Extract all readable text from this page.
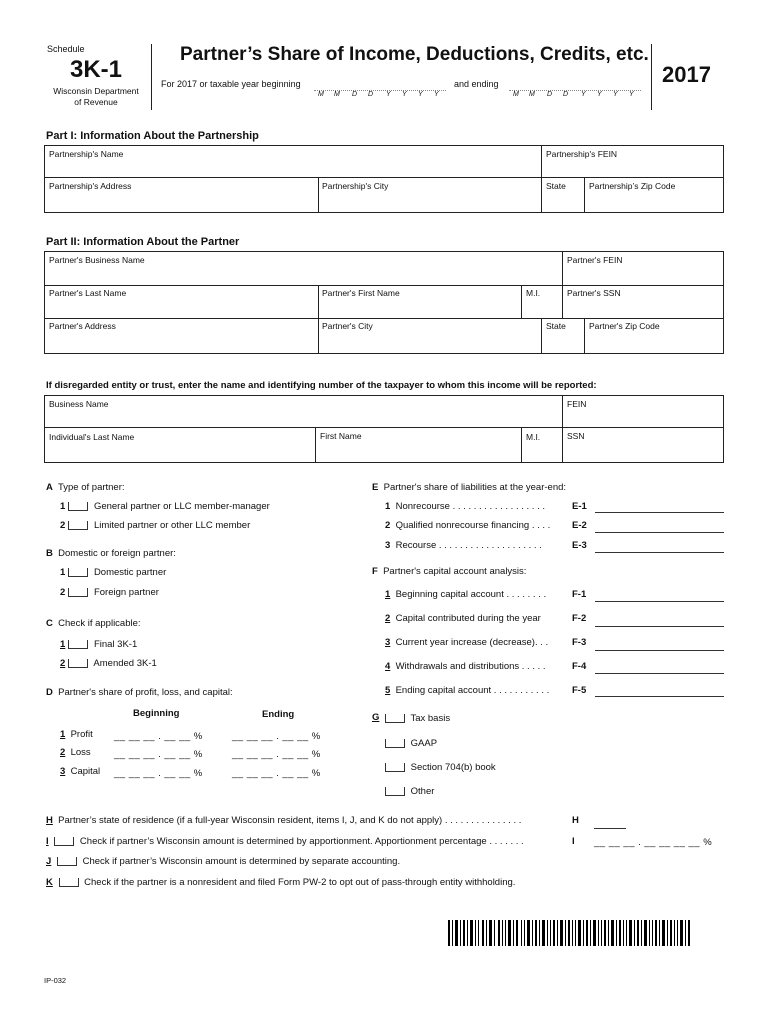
Schedule
3K-1
Wisconsin Department
of Revenue
Partner’s Share of Income, Deductions, Credits, etc.
For 2017 or taxable year beginning	and ending
M M D D Y Y Y Y	M M D D Y Y Y Y
2017
Part I: Information About the Partnership
Partnership's Name	Partnership's FEIN
Partnership's Address	Partnership's City	State	Partnership’s Zip Code
Part II: Information About the Partner
Partner's Business Name	Partner's FEIN
Partner's Last Name	Partner's First Name	M.I.	Partner's SSN
Partner's Address	Partner's City	State	Partner's Zip Code
If disregarded entity or trust, enter the name and identifying number of the taxpayer to whom this income will be reported:
Business Name	FEIN
Individual's Last Name	First Name	M.I.	SSN
A Type of partner:
1	General partner or LLC member-manager
2	Limited partner or other LLC member
B Domestic or foreign partner:
1	Domestic partner
2	Foreign partner
C Check if applicable:
1	Final 3K-1
2	Amended 3K-1
D Partner's share of profit, loss, and capital:
Beginning	Ending
1 Profit __ __ __ . __ __ %	__ __ __ . __ __ %
2 Loss __ __ __ . __ __ %	__ __ __ . __ __ %
3 Capital __ __ __ . __ __ %	__ __ __ . __ __ %
E Partner's share of liabilities at the year-end:
1 Nonrecourse . . . . . . . . . . . . . . . . . .	E-1
2 Qualified nonrecourse financing . . . . E-2
3 Recourse . . . . . . . . . . . . . . . . . . . .	E-3
F Partner's capital account analysis:
1 Beginning capital account . . . . . . . .	F-1
2 Capital contributed during the year	F-2
3 Current year increase (decrease). . .	F-3
4 Withdrawals and distributions . . . . .	F-4
5 Ending capital account . . . . . . . . . . . F-5
G	Tax basis
GAAP
Section 704(b) book
Other
H Partner’s state of residence (if a full-year Wisconsin resident, items I, J, and K do not apply) . . . . . . . . . . . . . . .	H
I	Check if partner’s Wisconsin amount is determined by apportionment. Apportionment percentage . . . . . . .	I __ __ __ . __ __ __ __ %
J	Check if partner’s Wisconsin amount is determined by separate accounting.
K	Check if the partner is a nonresident and filed Form PW-2 to opt out of pass-through entity withholding.
IP-032
